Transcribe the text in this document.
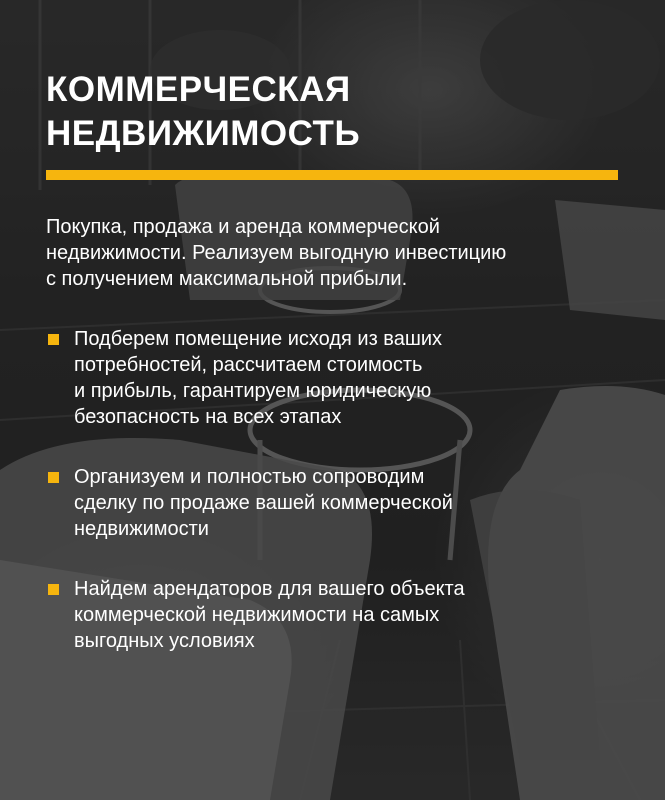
КОММЕРЧЕСКАЯ
НЕДВИЖИМОСТЬ

Покупка, продажа и аренда коммерческой
недвижимости. Реализуем выгодную инвестицию
с получением максимальной прибыли.

Подберем помещение исходя из ваших
потребностей, рассчитаем стоимость
и прибыль, гарантируем юридическую
безопасность на всех этапах
Организуем и полностью сопроводим
сделку по продаже вашей коммерческой
недвижимости
Найдем арендаторов для вашего объекта
коммерческой недвижимости на самых
выгодных условиях
